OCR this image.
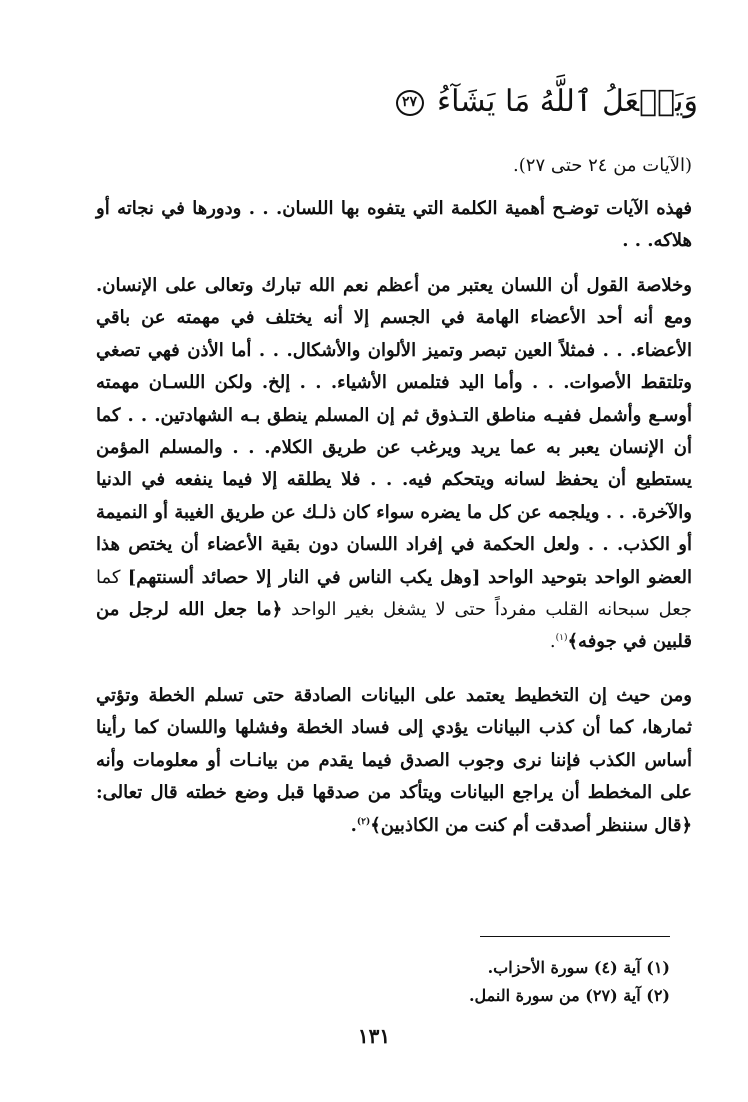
وَيَفۡعَلُ ٱللَّهُ مَا يَشَآءُ ٢٧

(الآيات من ٢٤ حتى ٢٧).

فهذه الآيات توضـح أهمية الكلمة التي يتفوه بها اللسان. . . ودورها في نجاته أو هلاكه. . .

وخلاصة القول أن اللسان يعتبر من أعظم نعم الله تبارك وتعالى على الإنسان. ومع أنه أحد الأعضاء الهامة في الجسم إلا أنه يختلف في مهمته عن باقي الأعضاء. . . فمثلاً العين تبصر وتميز الألوان والأشكال. . . أما الأذن فهي تصغي وتلتقط الأصوات. . . وأما اليد فتلمس الأشياء. . . إلخ. ولكن اللسـان مهمته أوسـع وأشمل ففيـه مناطق التـذوق ثم إن المسلم ينطق بـه الشهادتين. . . كما أن الإنسان يعبر به عما يريد ويرغب عن طريق الكلام. . . والمسلم المؤمن يستطيع أن يحفظ لسانه ويتحكم فيه. . . فلا يطلقه إلا فيما ينفعه في الدنيا والآخرة. . . ويلجمه عن كل ما يضره سواء كان ذلـك عن طريق الغيبة أو النميمة أو الكذب. . . ولعل الحكمة في إفراد اللسان دون بقية الأعضاء أن يختص هذا العضو الواحد بتوحيد الواحد [وهل يكب الناس في النار إلا حصائد ألسنتهم] كما جعل سبحانه القلب مفرداً حتى لا يشغل بغير الواحد ﴿ما جعل الله لرجل من قلبين في جوفه﴾$^{(١)}$.

ومن حيث إن التخطيط يعتمد على البيانات الصادقة حتى تسلم الخطة وتؤتي ثمارها، كما أن كذب البيانات يؤدي إلى فساد الخطة وفشلها واللسان كما رأينا أساس الكذب فإننا نرى وجوب الصدق فيما يقدم من بيانـات أو معلومات وأنه على المخطط أن يراجع البيانات ويتأكد من صدقها قبل وضع خطته قال تعالى: ﴿قال سننظر أصدقت أم كنت من الكاذبين﴾$^{(٢)}$.

(١) آية (٤) سورة الأحزاب.
(٢) آية (٢٧) من سورة النمل.
١٣١
